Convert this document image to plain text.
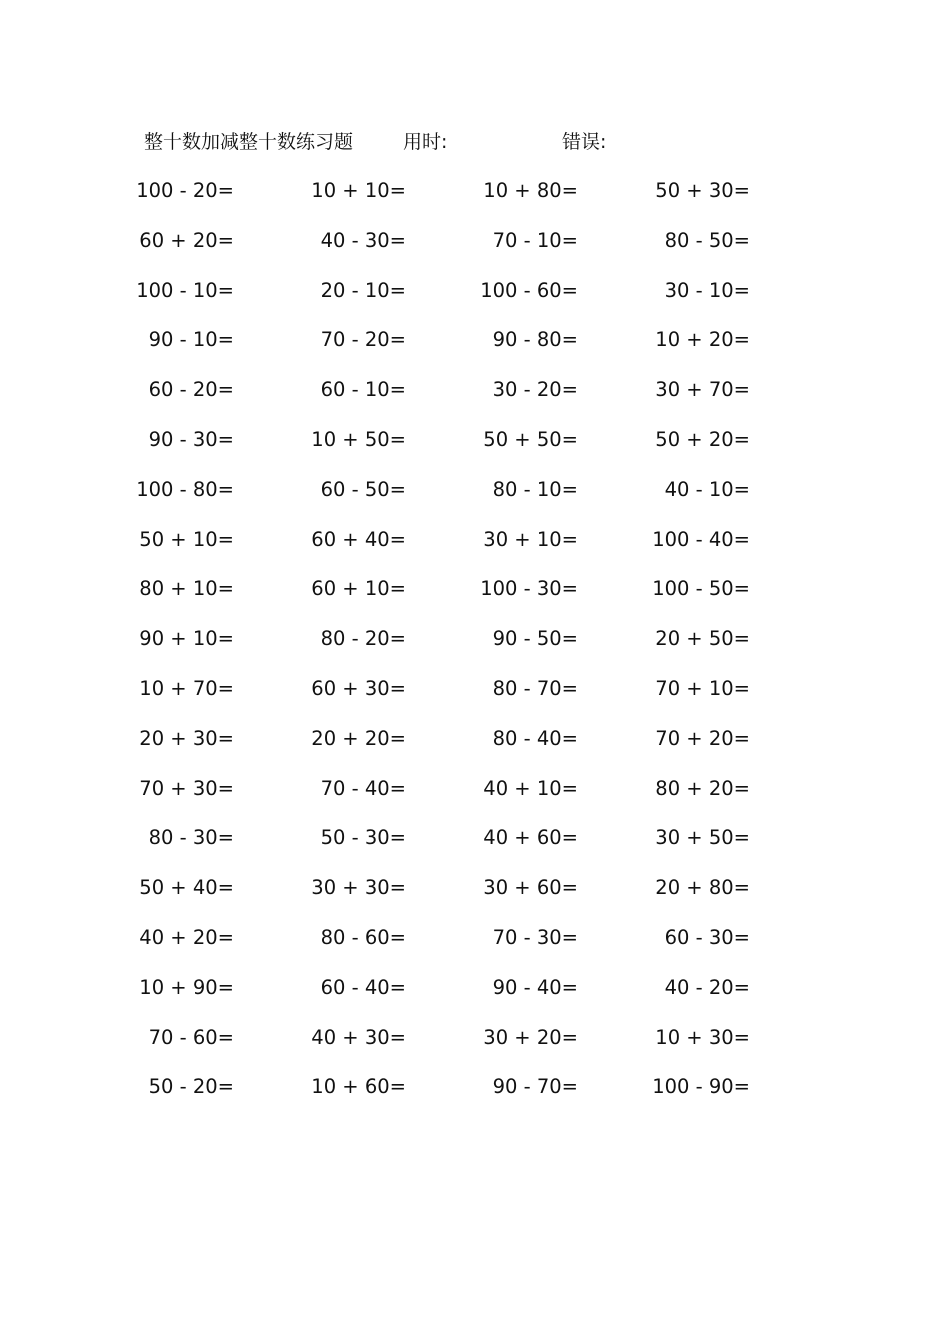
整十数加减整十数练习题	用时:	错误:
100 - 20=	10 + 10=	10 + 80=	50 + 30=
60 + 20=	40 - 30=	70 - 10=	80 - 50=
100 - 10=	20 - 10=	100 - 60=	30 - 10=
90 - 10=	70 - 20=	90 - 80=	10 + 20=
60 - 20=	60 - 10=	30 - 20=	30 + 70=
90 - 30=	10 + 50=	50 + 50=	50 + 20=
100 - 80=	60 - 50=	80 - 10=	40 - 10=
50 + 10=	60 + 40=	30 + 10=	100 - 40=
80 + 10=	60 + 10=	100 - 30=	100 - 50=
90 + 10=	80 - 20=	90 - 50=	20 + 50=
10 + 70=	60 + 30=	80 - 70=	70 + 10=
20 + 30=	20 + 20=	80 - 40=	70 + 20=
70 + 30=	70 - 40=	40 + 10=	80 + 20=
80 - 30=	50 - 30=	40 + 60=	30 + 50=
50 + 40=	30 + 30=	30 + 60=	20 + 80=
40 + 20=	80 - 60=	70 - 30=	60 - 30=
10 + 90=	60 - 40=	90 - 40=	40 - 20=
70 - 60=	40 + 30=	30 + 20=	10 + 30=
50 - 20=	10 + 60=	90 - 70=	100 - 90=
